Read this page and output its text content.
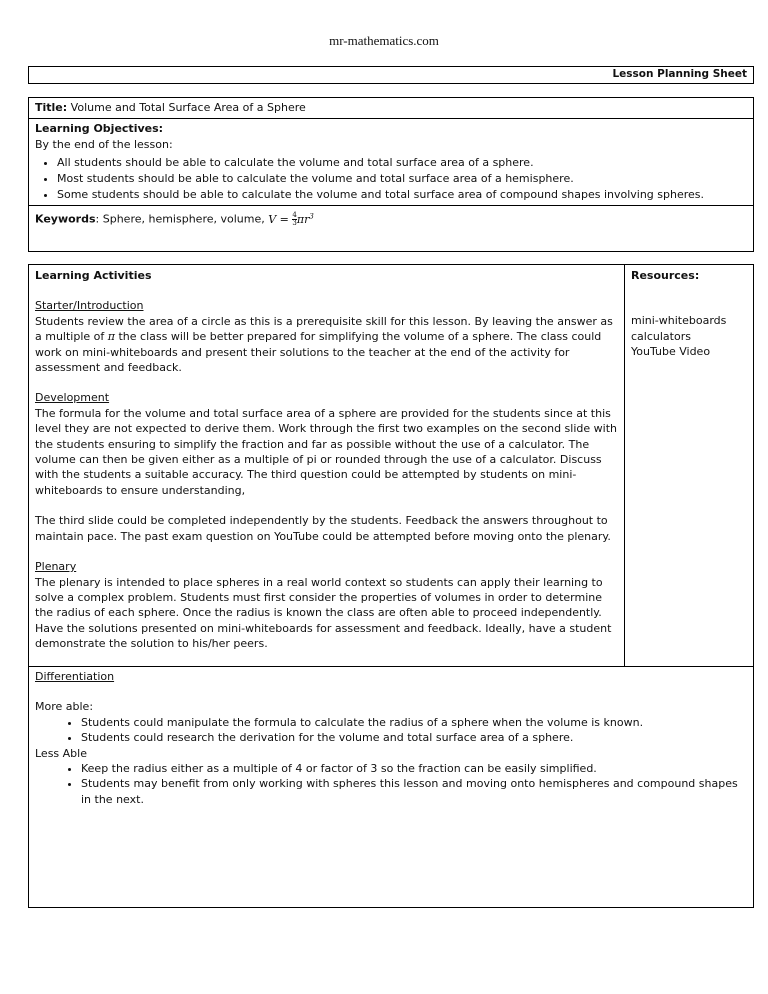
mr-mathematics.com
Lesson Planning Sheet
Title: Volume and Total Surface Area of a Sphere
Learning Objectives:
By the end of the lesson:
• All students should be able to calculate the volume and total surface area of a sphere.
• Most students should be able to calculate the volume and total surface area of a hemisphere.
• Some students should be able to calculate the volume and total surface area of compound shapes involving spheres.
Keywords: Sphere, hemisphere, volume, $V = \frac{4}{3} \pi r^3$
Learning Activities
Starter/Introduction

Students review the area of a circle as this is a prerequisite skill for this lesson. By leaving the answer as a multiple of π the class will be better prepared for simplifying the volume of a sphere. The class could work on mini-whiteboards and present their solutions to the teacher at the end of the activity for assessment and feedback.

Development

The formula for the volume and total surface area of a sphere are provided for the students since at this level they are not expected to derive them. Work through the first two examples on the second slide with the students ensuring to simplify the fraction and far as possible without the use of a calculator. The volume can then be given either as a multiple of pi or rounded through the use of a calculator. Discuss with the students a suitable accuracy. The third question could be attempted by students on mini-whiteboards to ensure understanding,

The third slide could be completed independently by the students. Feedback the answers throughout to maintain pace. The past exam question on YouTube could be attempted before moving onto the plenary.

Plenary

The plenary is intended to place spheres in a real world context so students can apply their learning to solve a complex problem. Students must first consider the properties of volumes in order to determine the radius of each sphere. Once the radius is known the class are often able to proceed independently. Have the solutions presented on mini-whiteboards for assessment and feedback. Ideally, have a student demonstrate the solution to his/her peers.

Resources:
mini-whiteboards
calculators
YouTube Video
Differentiation
More able:
• Students could manipulate the formula to calculate the radius of a sphere when the volume is known.
• Students could research the derivation for the volume and total surface area of a sphere.
Less Able
• Keep the radius either as a multiple of 4 or factor of 3 so the fraction can be easily simplified.
• Students may benefit from only working with spheres this lesson and moving onto hemispheres and compound shapes in the next.
